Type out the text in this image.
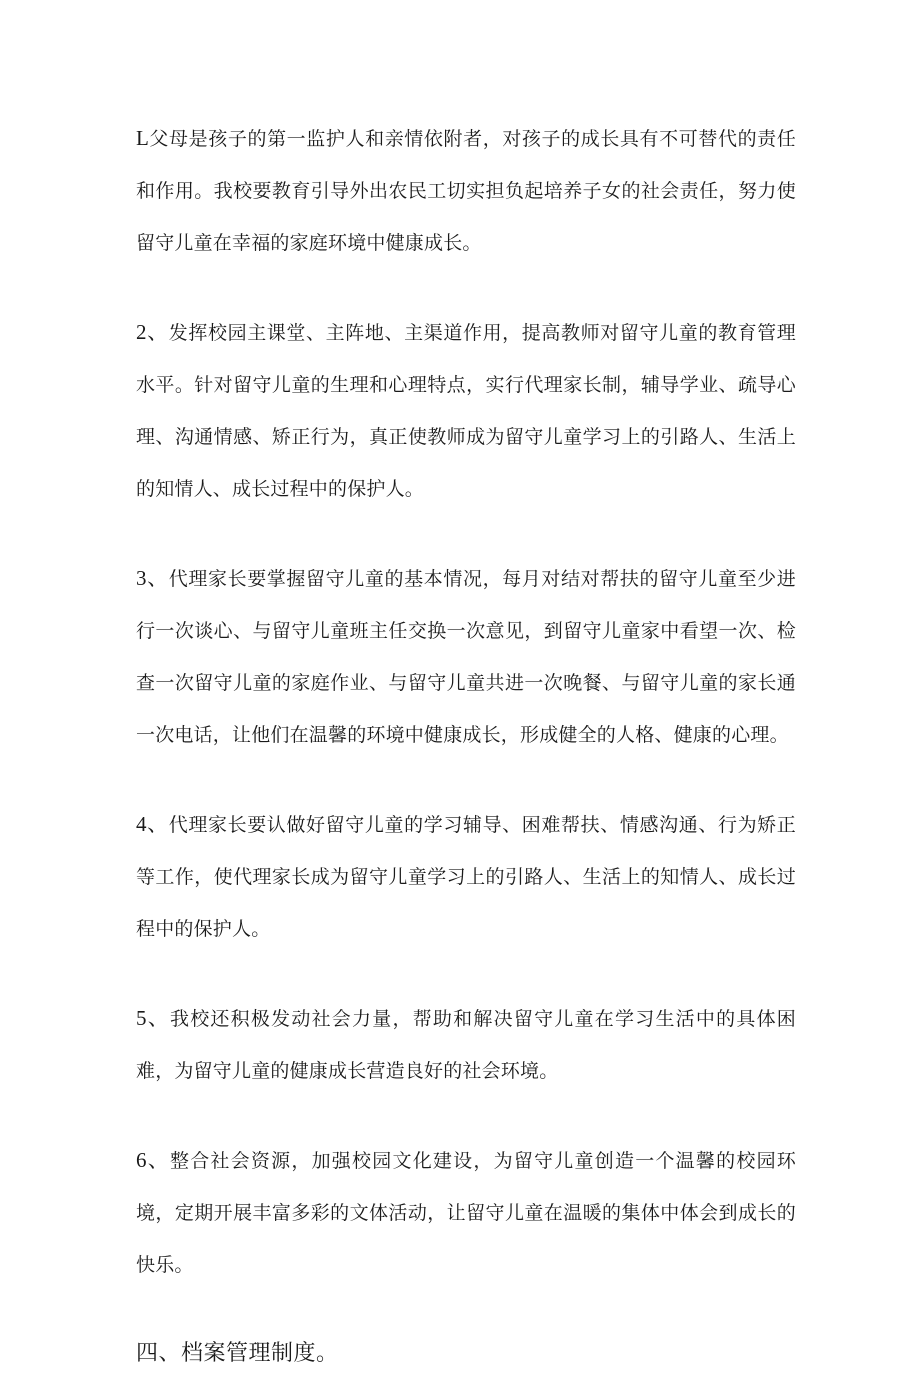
L父母是孩子的第一监护人和亲情依附者，对孩子的成长具有不可替代的责任和作用。我校要教育引导外出农民工切实担负起培养子女的社会责任，努力使留守儿童在幸福的家庭环境中健康成长。

2、发挥校园主课堂、主阵地、主渠道作用，提高教师对留守儿童的教育管理水平。针对留守儿童的生理和心理特点，实行代理家长制，辅导学业、疏导心理、沟通情感、矫正行为，真正使教师成为留守儿童学习上的引路人、生活上的知情人、成长过程中的保护人。

3、代理家长要掌握留守儿童的基本情况，每月对结对帮扶的留守儿童至少进行一次谈心、与留守儿童班主任交换一次意见，到留守儿童家中看望一次、检查一次留守儿童的家庭作业、与留守儿童共进一次晚餐、与留守儿童的家长通一次电话，让他们在温馨的环境中健康成长，形成健全的人格、健康的心理。

4、代理家长要认做好留守儿童的学习辅导、困难帮扶、情感沟通、行为矫正等工作，使代理家长成为留守儿童学习上的引路人、生活上的知情人、成长过程中的保护人。

5、我校还积极发动社会力量，帮助和解决留守儿童在学习生活中的具体困难，为留守儿童的健康成长营造良好的社会环境。

6、整合社会资源，加强校园文化建设，为留守儿童创造一个温馨的校园环境，定期开展丰富多彩的文体活动，让留守儿童在温暖的集体中体会到成长的快乐。

四、档案管理制度。
